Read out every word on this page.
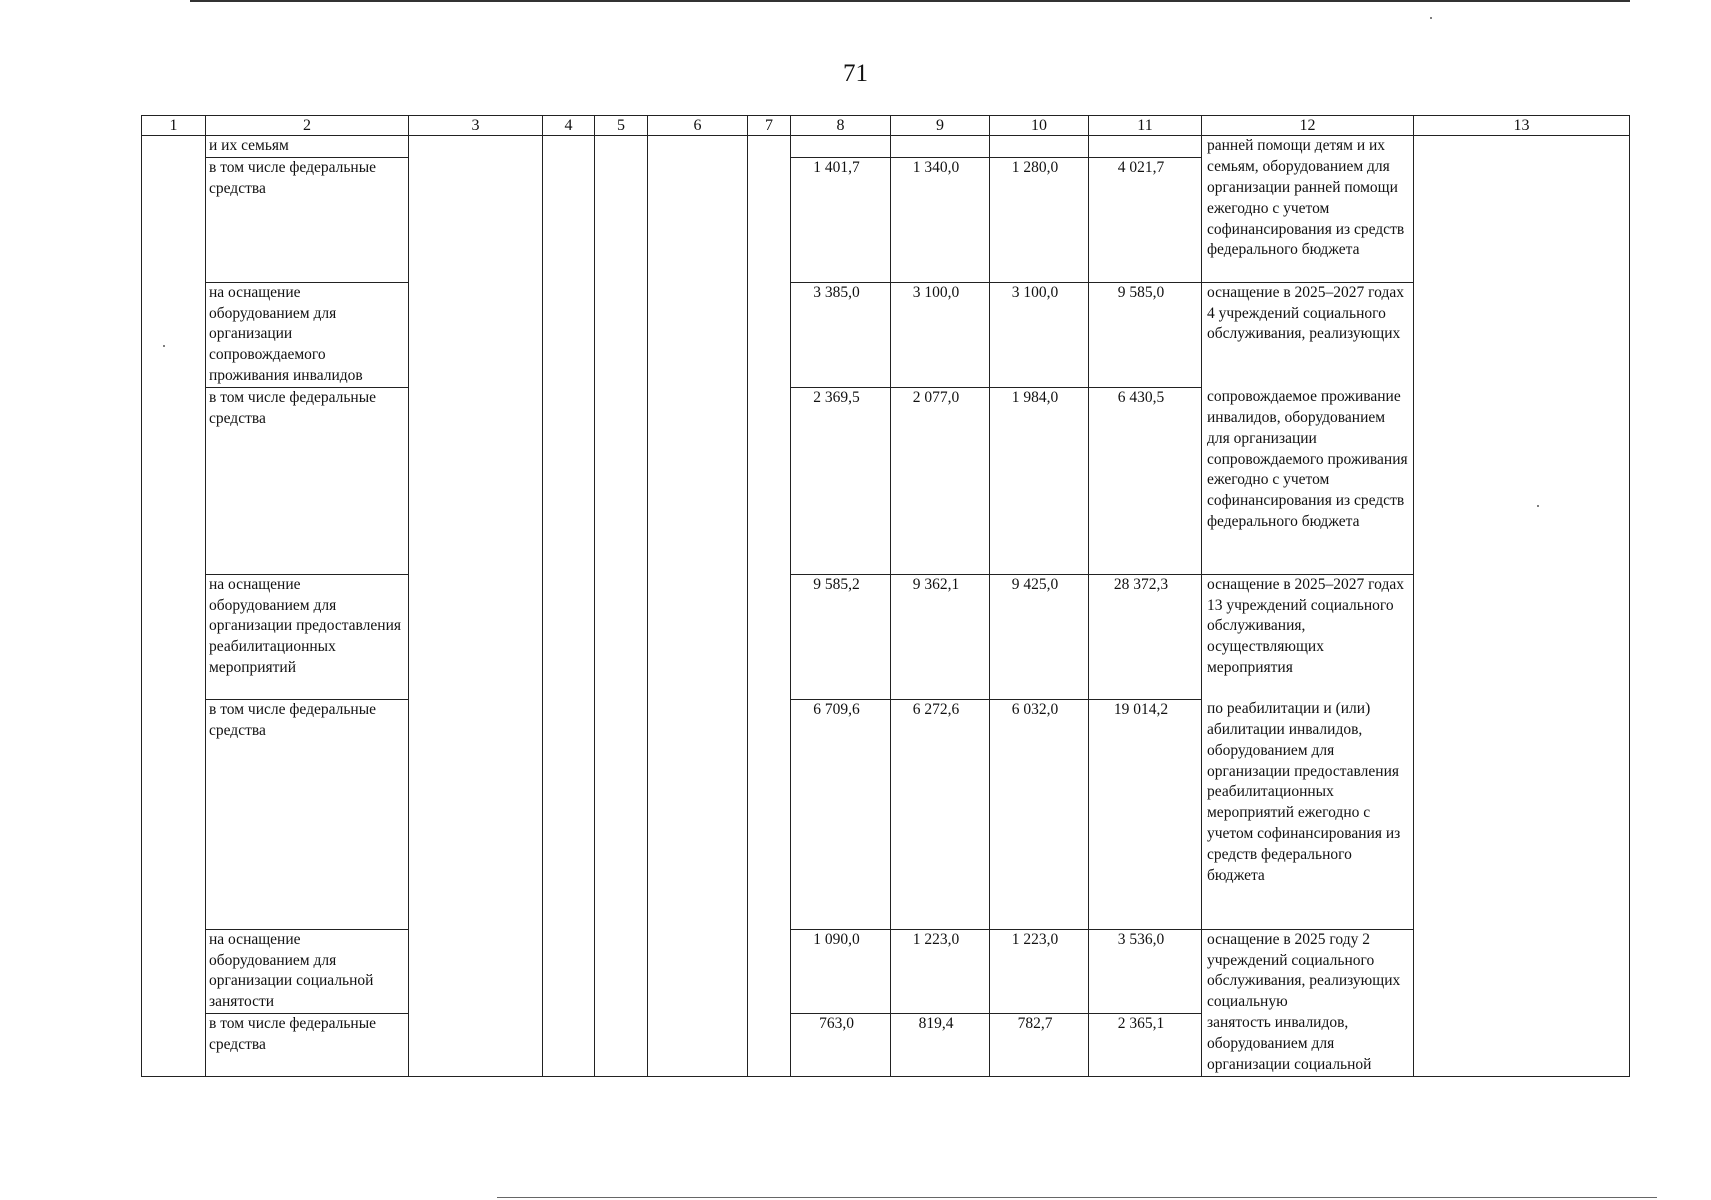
71
1	2	3	4	5	6	7	8	9	10	11	12	13
	и их семьям										ранней помощи детям и их	
	в том числе федеральные средства						1 401,7	1 340,0	1 280,0	4 021,7	семьям, оборудованием для организации ранней помощи ежегодно с учетом софинансирования из средств федерального бюджета	
	на оснащение оборудованием для организации сопровождаемого проживания инвалидов						3 385,0	3 100,0	3 100,0	9 585,0	оснащение в 2025–2027 годах 4 учреждений социального обслуживания, реализующих	
	в том числе федеральные средства						2 369,5	2 077,0	1 984,0	6 430,5	сопровождаемое проживание инвалидов, оборудованием для организации сопровождаемого проживания ежегодно с учетом софинансирования из средств федерального бюджета	
	на оснащение оборудованием для организации предоставления реабилитационных мероприятий						9 585,2	9 362,1	9 425,0	28 372,3	оснащение в 2025–2027 годах 13 учреждений социального обслуживания, осуществляющих мероприятия	
	в том числе федеральные средства						6 709,6	6 272,6	6 032,0	19 014,2	по реабилитации и (или) абилитации инвалидов, оборудованием для организации предоставления реабилитационных мероприятий ежегодно с учетом софинансирования из средств федерального бюджета	
	на оснащение оборудованием для организации социальной занятости						1 090,0	1 223,0	1 223,0	3 536,0	оснащение в 2025 году 2 учреждений социального обслуживания, реализующих социальную	
	в том числе федеральные средства						763,0	819,4	782,7	2 365,1	занятость инвалидов, оборудованием для организации социальной	
